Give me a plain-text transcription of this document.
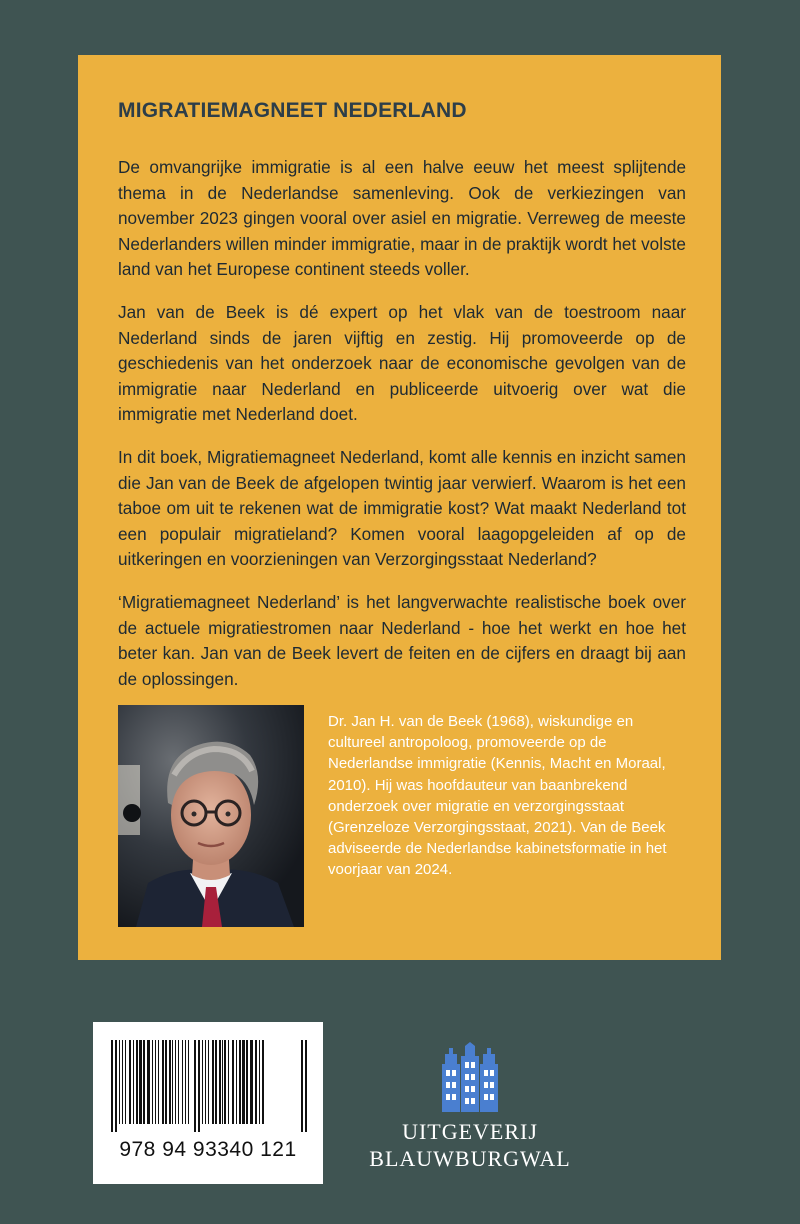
MIGRATIEMAGNEET NEDERLAND

De omvangrijke immigratie is al een halve eeuw het meest splijtende thema in de Nederlandse samenleving. Ook de verkiezingen van november 2023 gingen vooral over asiel en migratie. Verreweg de meeste Nederlanders willen minder immigratie, maar in de praktijk wordt het volste land van het Europese continent steeds voller.

Jan van de Beek is dé expert op het vlak van de toestroom naar Nederland sinds de jaren vijftig en zestig. Hij promoveerde op de geschiedenis van het onderzoek naar de economische gevolgen van de immigratie naar Nederland en publiceerde uitvoerig over wat die immigratie met Nederland doet.

In dit boek, Migratiemagneet Nederland, komt alle kennis en inzicht samen die Jan van de Beek de afgelopen twintig jaar verwierf. Waarom is het een taboe om uit te rekenen wat de immigratie kost? Wat maakt Nederland tot een populair migratieland? Komen vooral laagopgeleiden af op de uitkeringen en voorzieningen van Verzorgingsstaat Nederland?

‘Migratiemagneet Nederland’ is het langverwachte realistische boek over de actuele migratiestromen naar Nederland - hoe het werkt en hoe het beter kan. Jan van de Beek levert de feiten en de cijfers en draagt bij aan de oplossingen.

Dr. Jan H. van de Beek (1968), wiskundige en cultureel antropoloog, promoveerde op de Nederlandse immigratie (Kennis, Macht en Moraal, 2010). Hij was hoofdauteur van baanbrekend onderzoek over migratie en verzorgingsstaat (Grenzeloze Verzorgingsstaat, 2021). Van de Beek adviseerde de Nederlandse kabinetsformatie in het voorjaar van 2024.
978 94 93340 121
UITGEVERIJ
BLAUWBURGWAL
